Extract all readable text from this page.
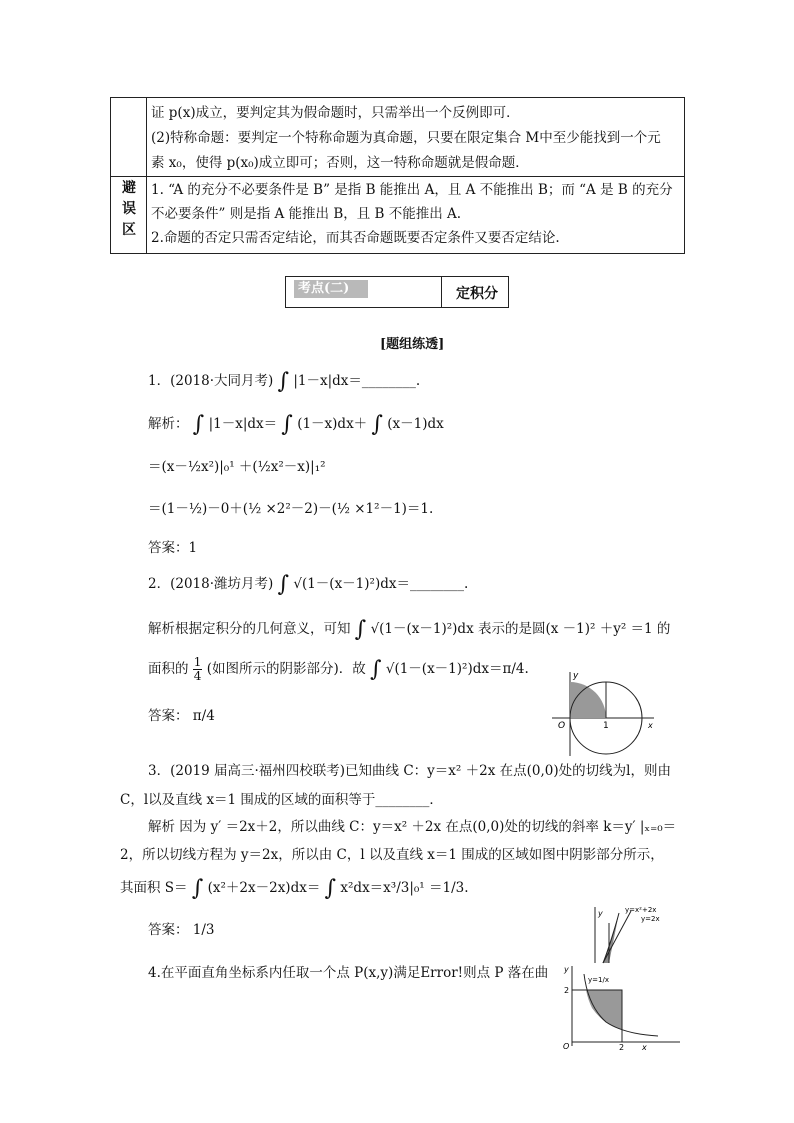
证 p(x)成立，要判定其为假命题时，只需举出一个反例即可．
(2)特称命题：要判定一个特称命题为真命题，只要在限定集合 M中至少能找到一个元
素 x₀，使得 p(x₀)成立即可；否则，这一特称命题就是假命题．
避误区
1. “A 的充分不必要条件是 B” 是指 B 能推出 A，且 A 不能推出 B；而 “A 是 B 的充分
不必要条件” 则是指 A 能推出 B，且 B 不能推出 A.
2.命题的否定只需否定结论，而其否命题既要否定条件又要否定结论.
考点(二)	定积分
[题组练透]
1．(2018·大同月考) ∫ |1－x|dx＝________.
解析： ∫ |1－x|dx＝ ∫ (1－x)dx＋ ∫ (x－1)dx
＝(x－½x²)|₀¹ ＋(½x²－x)|₁²
＝(1－½)－0＋(½ ×2²－2)－(½ ×1²－1)＝1.
答案：1
2．(2018·潍坊月考) ∫ √(1－(x－1)²)dx＝________.
解析根据定积分的几何意义，可知 ∫ √(1－(x－1)²)dx 表示的是圆(x －1)² ＋y² ＝1 的
面积的 $\frac{1}{4}$ (如图所示的阴影部分)．故 ∫ √(1－(x－1)²)dx＝π/4.
答案： π/4
y
O	1	x
3．(2019 届高三·福州四校联考)已知曲线 C：y＝x² ＋2x 在点(0,0)处的切线为l，则由
C，l以及直线 x＝1 围成的区域的面积等于________．
解析 因为 y′ ＝2x＋2，所以曲线 C：y＝x² ＋2x 在点(0,0)处的切线的斜率 k＝y′ |ₓ₌₀＝
2，所以切线方程为 y＝2x，所以由 C，l 以及直线 x＝1 围成的区域如图中阴影部分所示，
其面积 S＝ ∫ (x²＋2x－2x)dx＝ ∫ x²dx＝x³/3|₀¹ ＝1/3.
答案： 1/3
y	y=x²+2x
y=2x
4.在平面直角坐标系内任取一个点 P(x,y)满足Error!则点 P 落在曲 y
y=1/x
2
O	2 x
